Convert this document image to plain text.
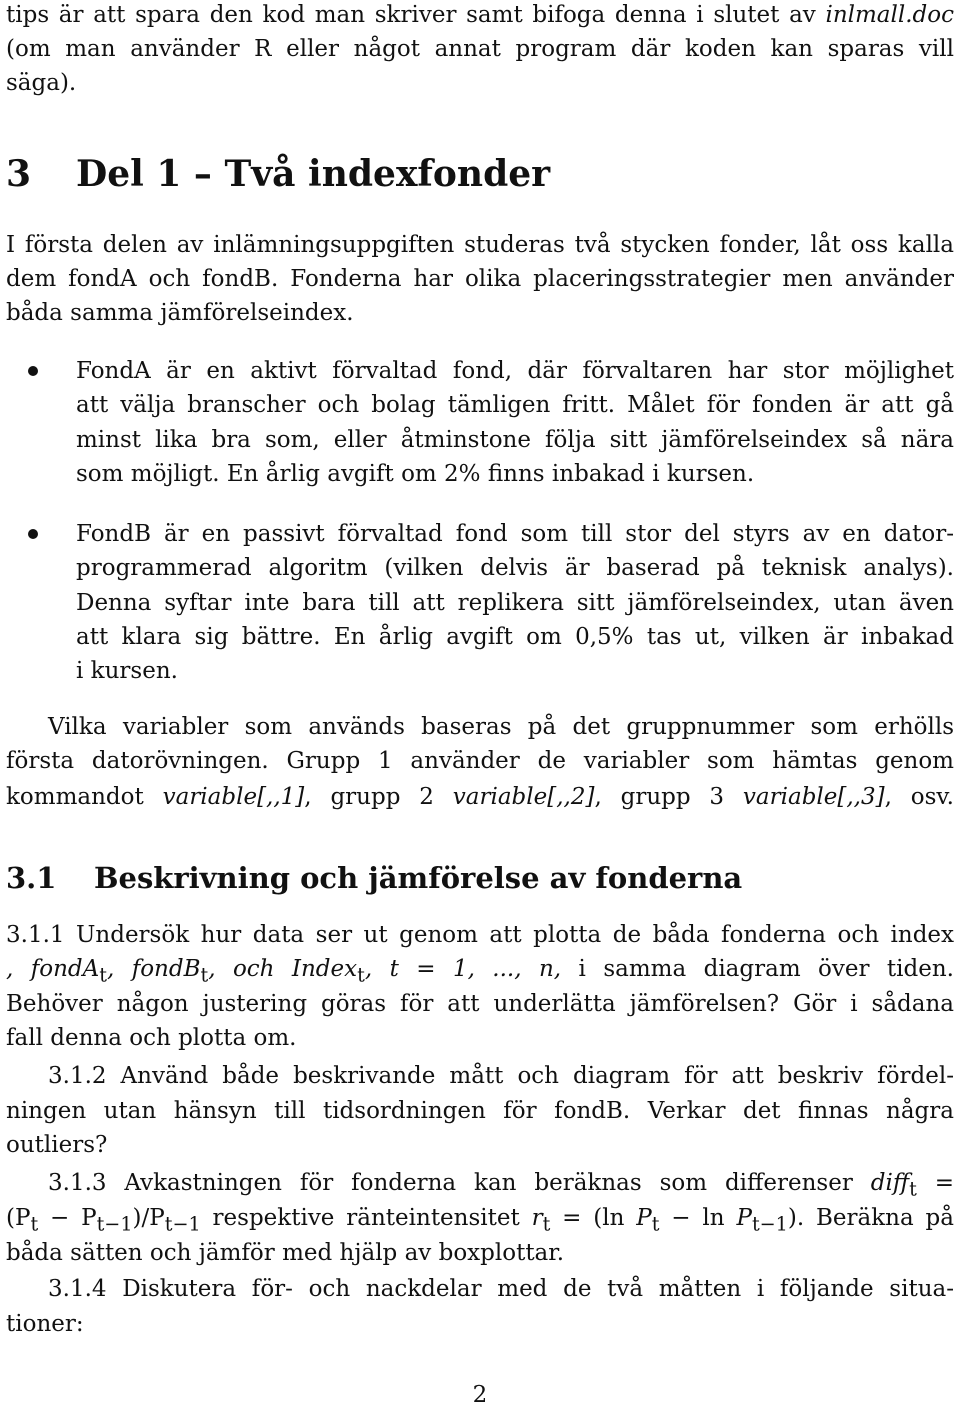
tips är att spara den kod man skriver samt bifoga denna i slutet av inlmall.doc
(om man använder R eller något annat program där koden kan sparas vill
säga).
3 Del 1 – Två indexfonder
I första delen av inlämningsuppgiften studeras två stycken fonder, låt oss kalla
dem fondA och fondB. Fonderna har olika placeringsstrategier men använder
båda samma jämförelseindex.
FondA är en aktivt förvaltad fond, där förvaltaren har stor möjlighet
att välja branscher och bolag tämligen fritt. Målet för fonden är att gå
minst lika bra som, eller åtminstone följa sitt jämförelseindex så nära
som möjligt. En årlig avgift om 2% finns inbakad i kursen.
FondB är en passivt förvaltad fond som till stor del styrs av en dator-
programmerad algoritm (vilken delvis är baserad på teknisk analys).
Denna syftar inte bara till att replikera sitt jämförelseindex, utan även
att klara sig bättre. En årlig avgift om 0,5% tas ut, vilken är inbakad
i kursen.
Vilka variabler som används baseras på det gruppnummer som erhölls
första datorövningen. Grupp 1 använder de variabler som hämtas genom
kommandot variable[,,1], grupp 2 variable[,,2], grupp 3 variable[,,3], osv.
3.1 Beskrivning och jämförelse av fonderna
3.1.1 Undersök hur data ser ut genom att plotta de båda fonderna och index
, fondA$_t$, fondB$_t$, och Index$_t$, t = 1, ..., n, i samma diagram över tiden.
Behöver någon justering göras för att underlätta jämförelsen? Gör i sådana
fall denna och plotta om.
3.1.2 Använd både beskrivande mått och diagram för att beskriv fördel-
ningen utan hänsyn till tidsordningen för fondB. Verkar det finnas några
outliers?
3.1.3 Avkastningen för fonderna kan beräknas som differenser diff$_t$ =
$(P_t - P_{t-1})/P_{t-1}$ respektive ränteintensitet $r_t = (\ln$ $P_t - \ln P_{t-1}$). Beräkna på
båda sätten och jämför med hjälp av boxplottar.
3.1.4 Diskutera för- och nackdelar med de två måtten i följande situa-
tioner:
2
